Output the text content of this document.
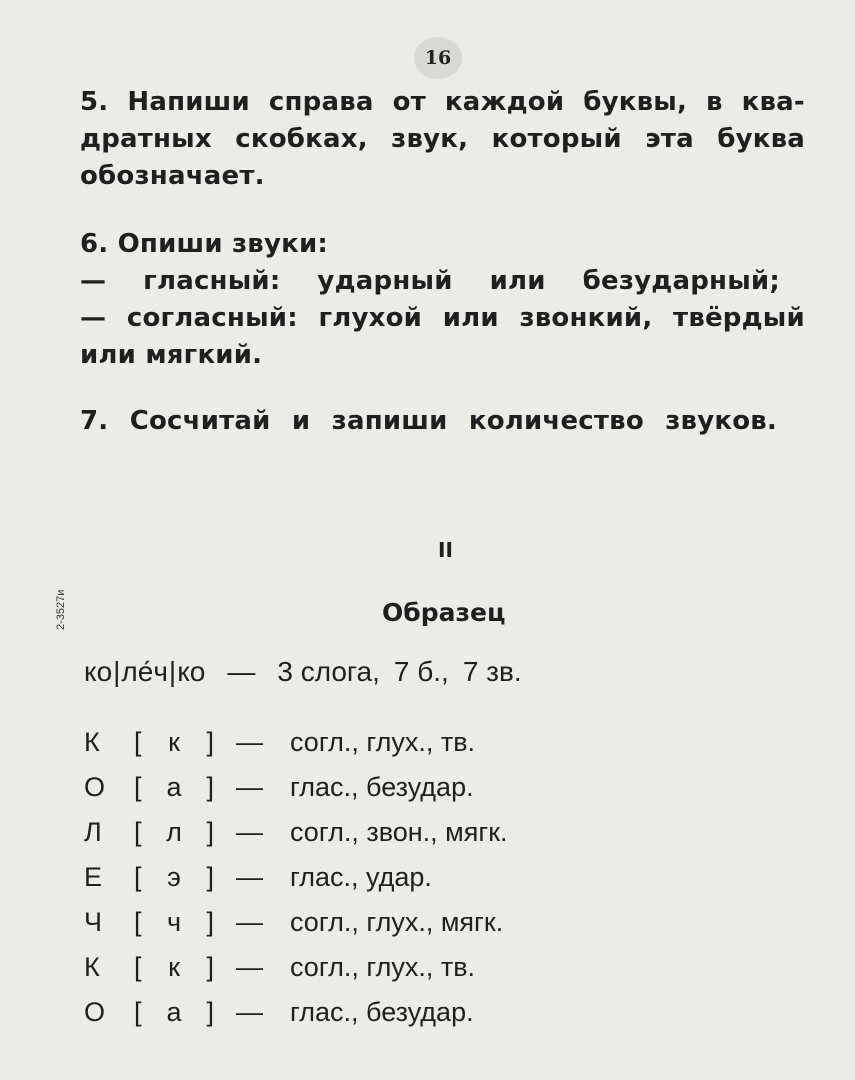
16
5. Напиши справа от каждой буквы, в ква-
дратных скобках, звук, который эта буква
обозначает.
6. Опиши звуки:
— гласный: ударный или безударный;
— согласный: глухой или звонкий, твёрдый
или мягкий.
7. Сосчитай и запиши количество звуков.
2-3527и
II
Образец
ко|ле́ч|ко — 3 слога, 7 б., 7 зв.
К	[ к ] — согл., глух., тв.
О	[ а ] — глас., безудар.
Л	[ л ] — согл., звон., мягк.
Е	[ э ] — глас., удар.
Ч	[ ч ] — согл., глух., мягк.
К	[ к ] — согл., глух., тв.
О	[ а ] — глас., безудар.
